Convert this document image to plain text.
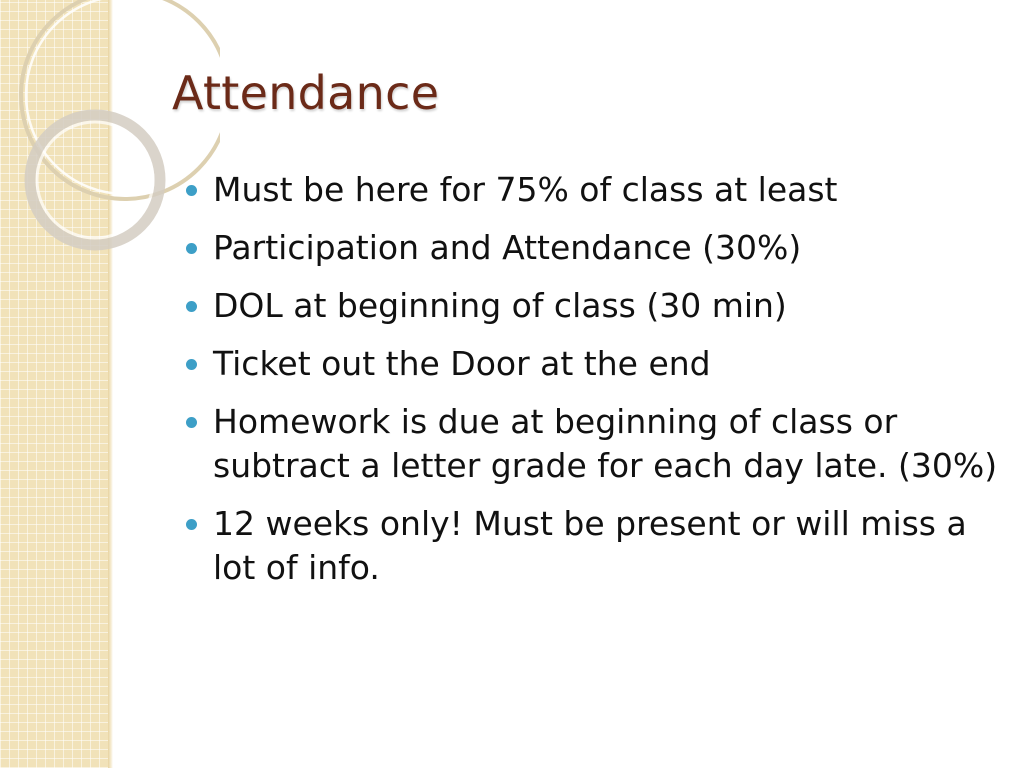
Attendance
Must be here for 75% of class at least
Participation and Attendance (30%)
DOL at beginning of class (30 min)
Ticket out the Door at the end
Homework is due at beginning of class or subtract a letter grade for each day late. (30%)
12 weeks only! Must be present or will miss a lot of info.
